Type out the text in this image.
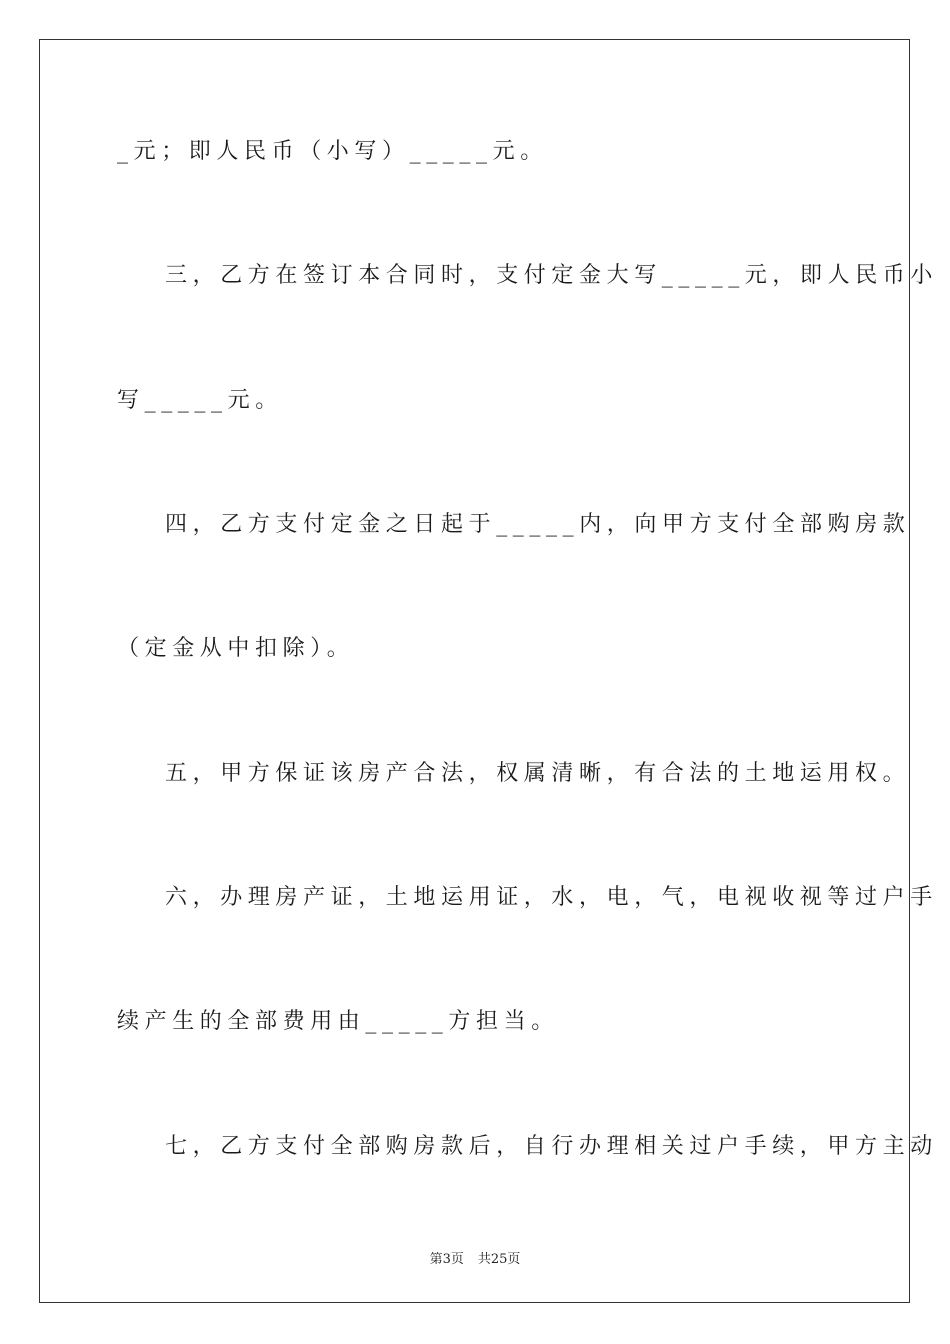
_元；即人民币（小写）_____元。
三，乙方在签订本合同时，支付定金大写_____元，即人民币小
写_____元。
四，乙方支付定金之日起于_____内，向甲方支付全部购房款
（定金从中扣除）。
五，甲方保证该房产合法，权属清晰，有合法的土地运用权。
六，办理房产证，土地运用证，水，电，气，电视收视等过户手
续产生的全部费用由_____方担当。
七，乙方支付全部购房款后，自行办理相关过户手续，甲方主动
第3页 共25页
